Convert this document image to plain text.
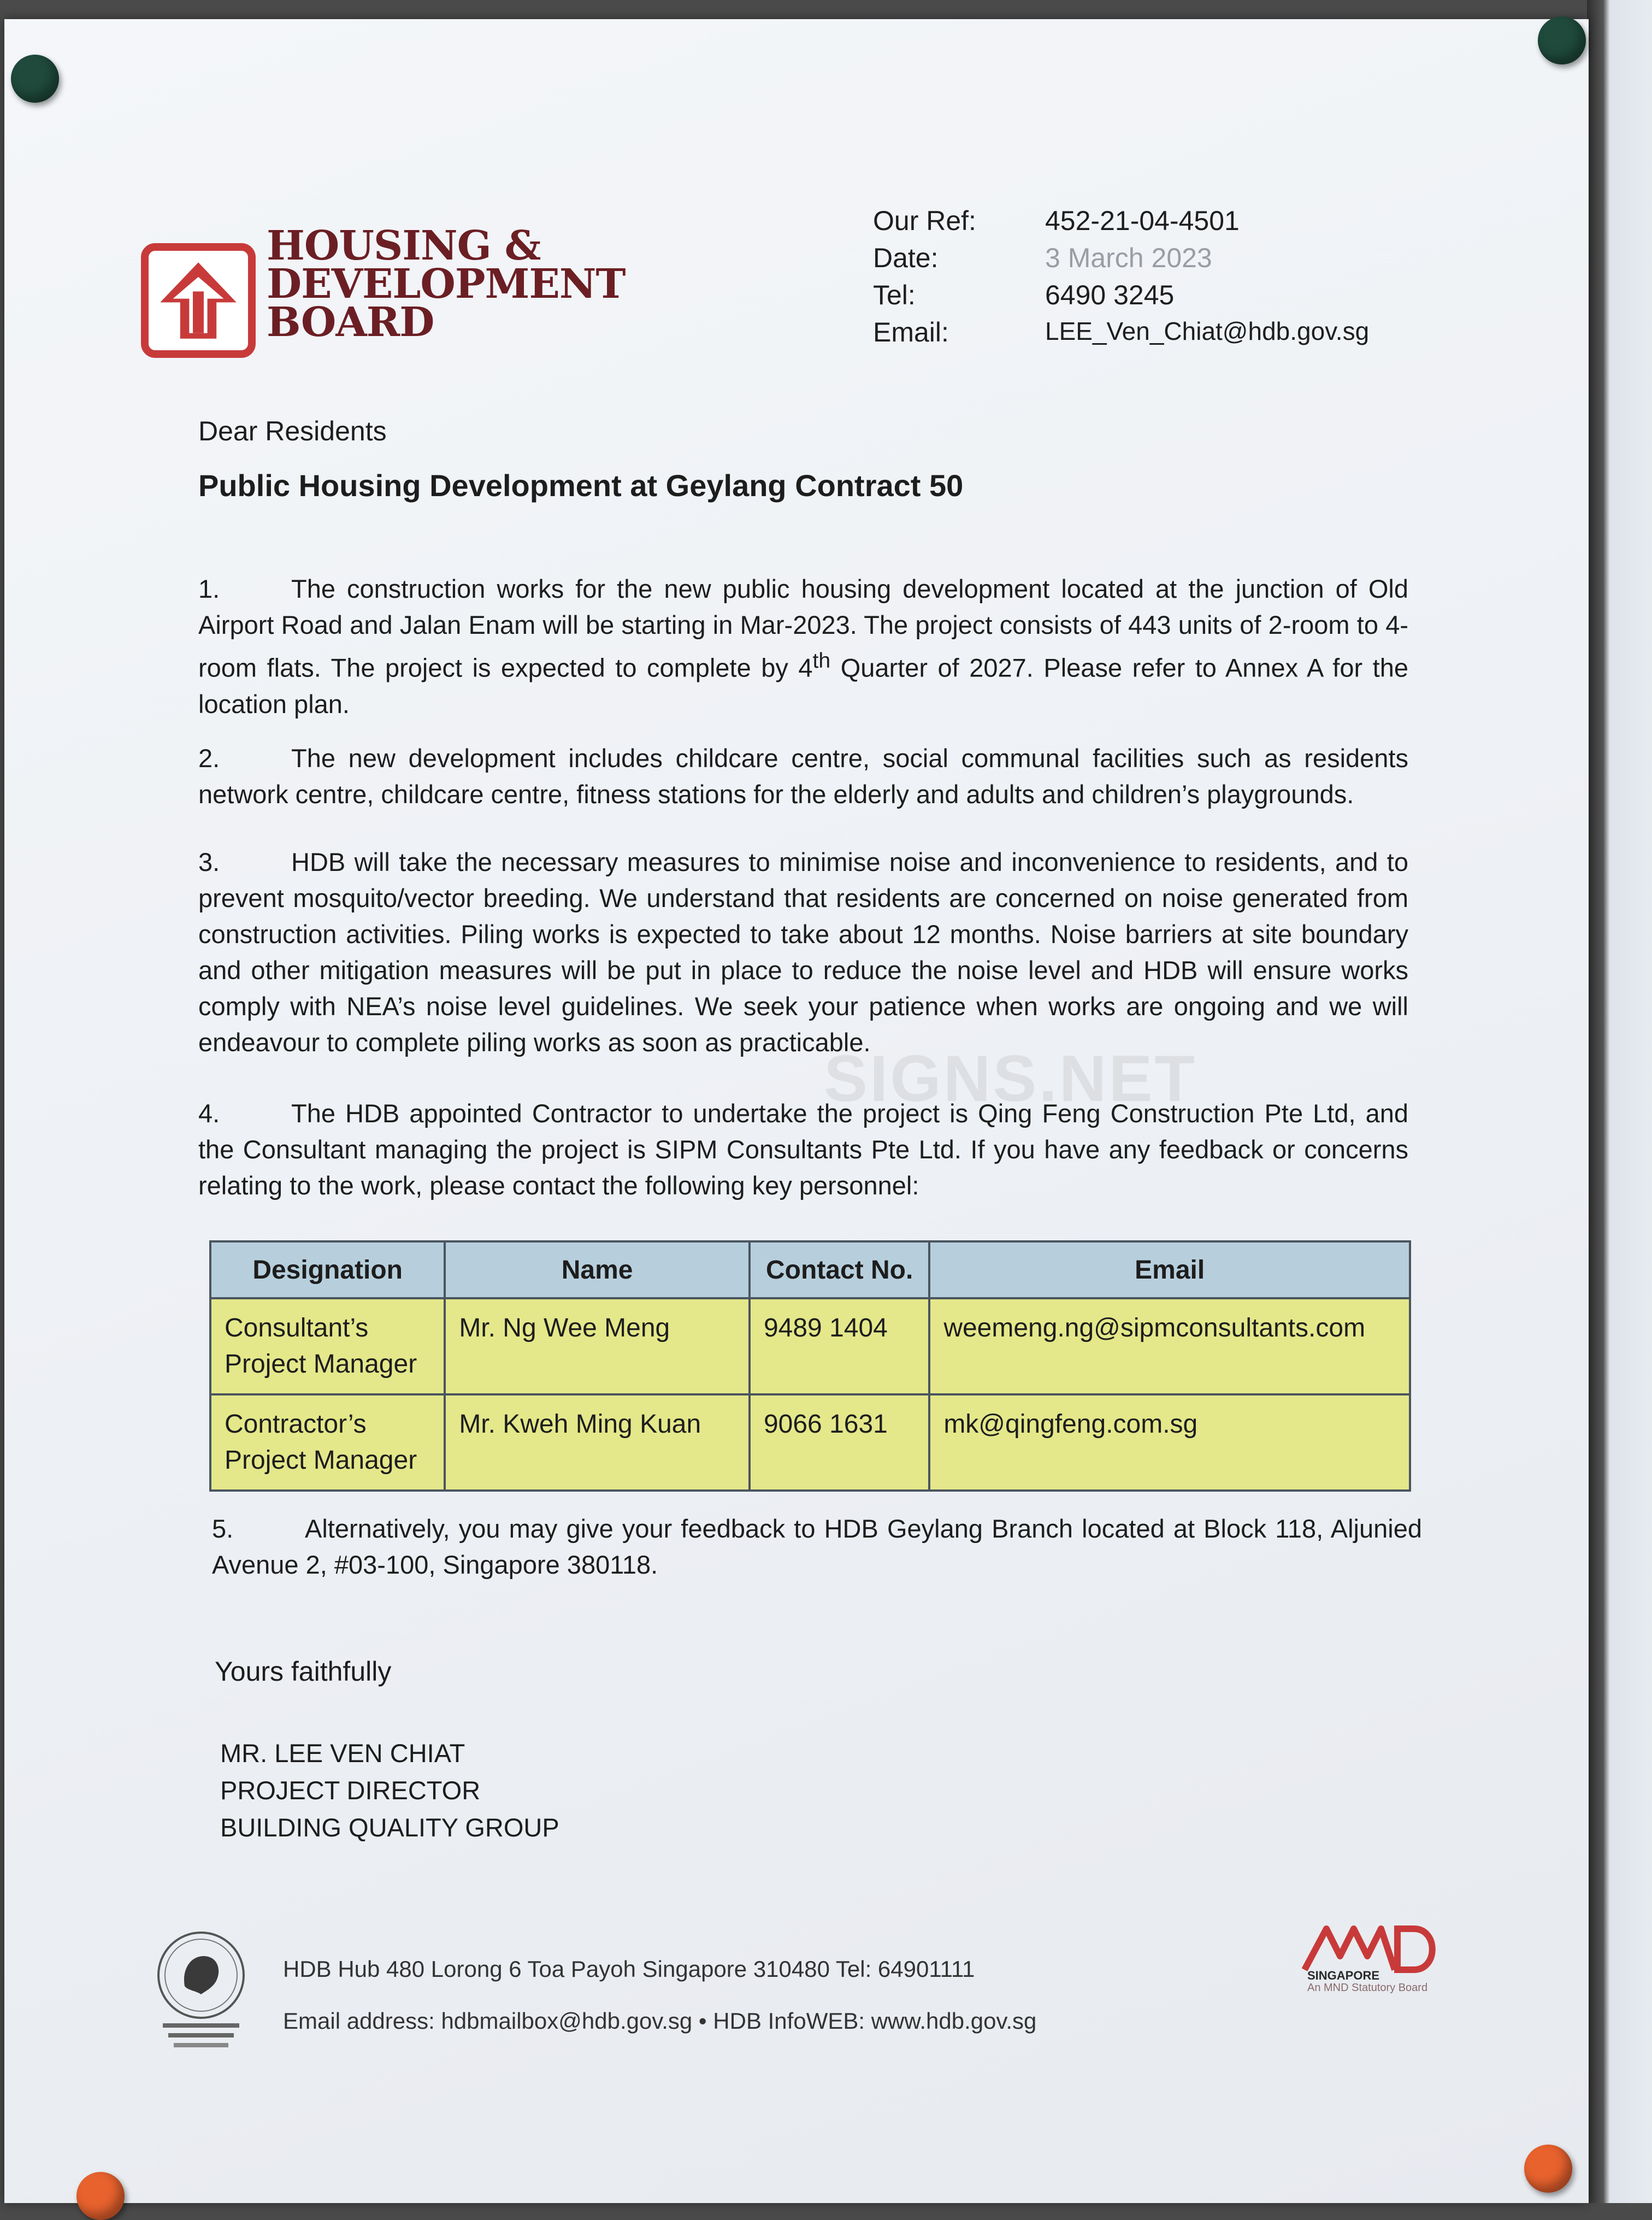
HOUSING &
DEVELOPMENT
BOARD
Our Ref:	452-21-04-4501
Date:	3 March 2023
Tel:	6490 3245
Email:	LEE_Ven_Chiat@hdb.gov.sg
Dear Residents
Public Housing Development at Geylang Contract 50
1.	The construction works for the new public housing development located at the junction of Old Airport Road and Jalan Enam will be starting in Mar-2023. The project consists of 443 units of 2-room to 4-room flats. The project is expected to complete by 4th Quarter of 2027. Please refer to Annex A for the location plan.
2.	The new development includes childcare centre, social communal facilities such as residents network centre, childcare centre, fitness stations for the elderly and adults and children’s playgrounds.
3.	HDB will take the necessary measures to minimise noise and inconvenience to residents, and to prevent mosquito/vector breeding. We understand that residents are concerned on noise generated from construction activities. Piling works is expected to take about 12 months. Noise barriers at site boundary and other mitigation measures will be put in place to reduce the noise level and HDB will ensure works comply with NEA’s noise level guidelines. We seek your patience when works are ongoing and we will endeavour to complete piling works as soon as practicable.
SIGNS.NET
4.	The HDB appointed Contractor to undertake the project is Qing Feng Construction Pte Ltd, and the Consultant managing the project is SIPM Consultants Pte Ltd. If you have any feedback or concerns relating to the work, please contact the following key personnel:
Designation	Name	Contact No.	Email
Consultant’s Project Manager	Mr. Ng Wee Meng	9489 1404	weemeng.ng@sipmconsultants.com
Contractor’s Project Manager	Mr. Kweh Ming Kuan	9066 1631	mk@qingfeng.com.sg
5.	Alternatively, you may give your feedback to HDB Geylang Branch located at Block 118, Aljunied Avenue 2, #03-100, Singapore 380118.
Yours faithfully
MR. LEE VEN CHIAT
PROJECT DIRECTOR
BUILDING QUALITY GROUP
HDB Hub 480 Lorong 6 Toa Payoh Singapore 310480 Tel: 64901111
Email address: hdbmailbox@hdb.gov.sg • HDB InfoWEB: www.hdb.gov.sg
SINGAPORE
An MND Statutory Board
